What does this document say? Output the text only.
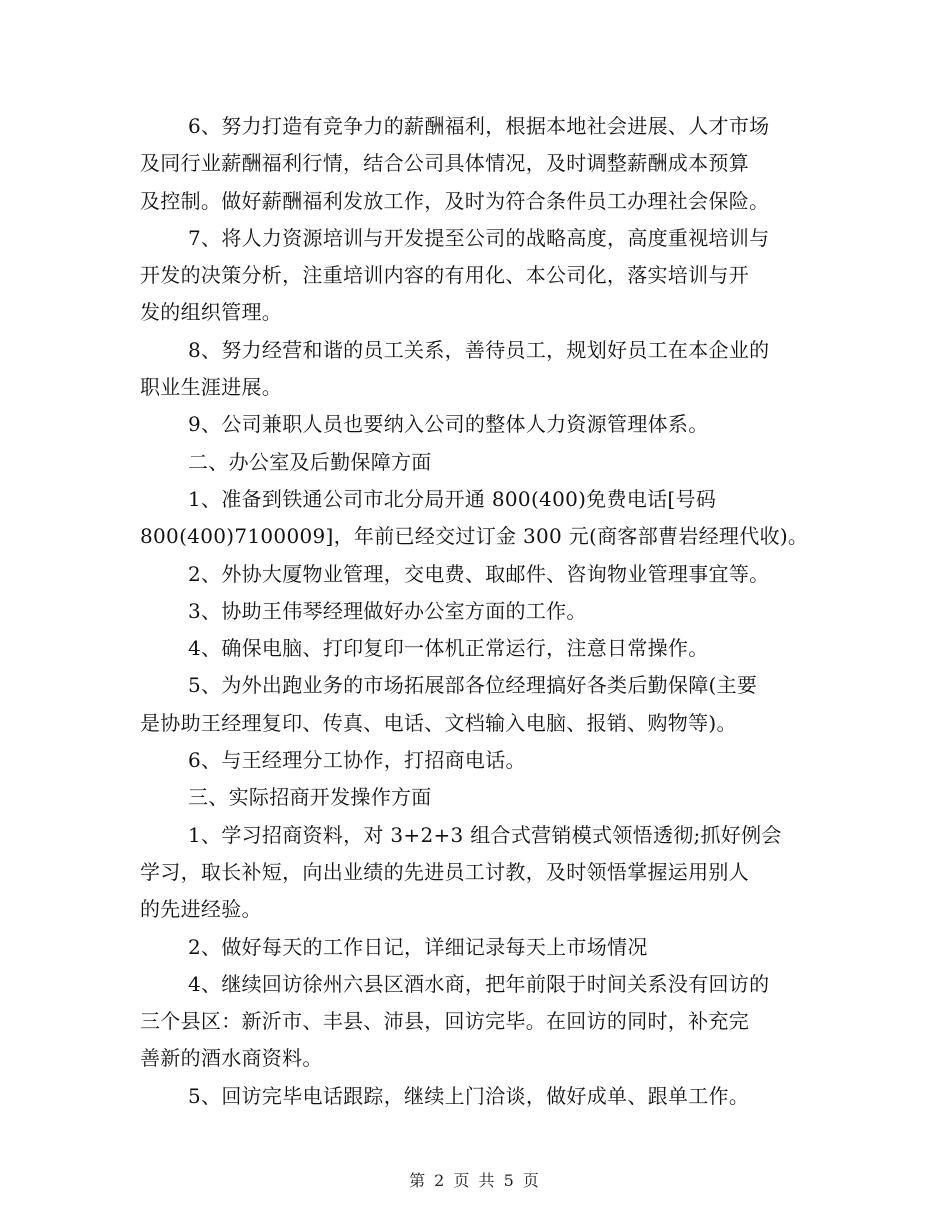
6、努力打造有竞争力的薪酬福利，根据本地社会进展、人才市场
及同行业薪酬福利行情，结合公司具体情况，及时调整薪酬成本预算
及控制。做好薪酬福利发放工作，及时为符合条件员工办理社会保险。
7、将人力资源培训与开发提至公司的战略高度，高度重视培训与
开发的决策分析，注重培训内容的有用化、本公司化，落实培训与开
发的组织管理。
8、努力经营和谐的员工关系，善待员工，规划好员工在本企业的
职业生涯进展。
9、公司兼职人员也要纳入公司的整体人力资源管理体系。
二、办公室及后勤保障方面
1、准备到铁通公司市北分局开通 800(400)免费电话[号码
800(400)7100009]，年前已经交过订金 300 元(商客部曹岩经理代收)。
2、外协大厦物业管理，交电费、取邮件、咨询物业管理事宜等。
3、协助王伟琴经理做好办公室方面的工作。
4、确保电脑、打印复印一体机正常运行，注意日常操作。
5、为外出跑业务的市场拓展部各位经理搞好各类后勤保障(主要
是协助王经理复印、传真、电话、文档输入电脑、报销、购物等)。
6、与王经理分工协作，打招商电话。
三、实际招商开发操作方面
1、学习招商资料，对 3+2+3 组合式营销模式领悟透彻;抓好例会
学习，取长补短，向出业绩的先进员工讨教，及时领悟掌握运用别人
的先进经验。
2、做好每天的工作日记，详细记录每天上市场情况
4、继续回访徐州六县区酒水商，把年前限于时间关系没有回访的
三个县区：新沂市、丰县、沛县，回访完毕。在回访的同时，补充完
善新的酒水商资料。
5、回访完毕电话跟踪，继续上门洽谈，做好成单、跟单工作。
第 2 页 共 5 页
